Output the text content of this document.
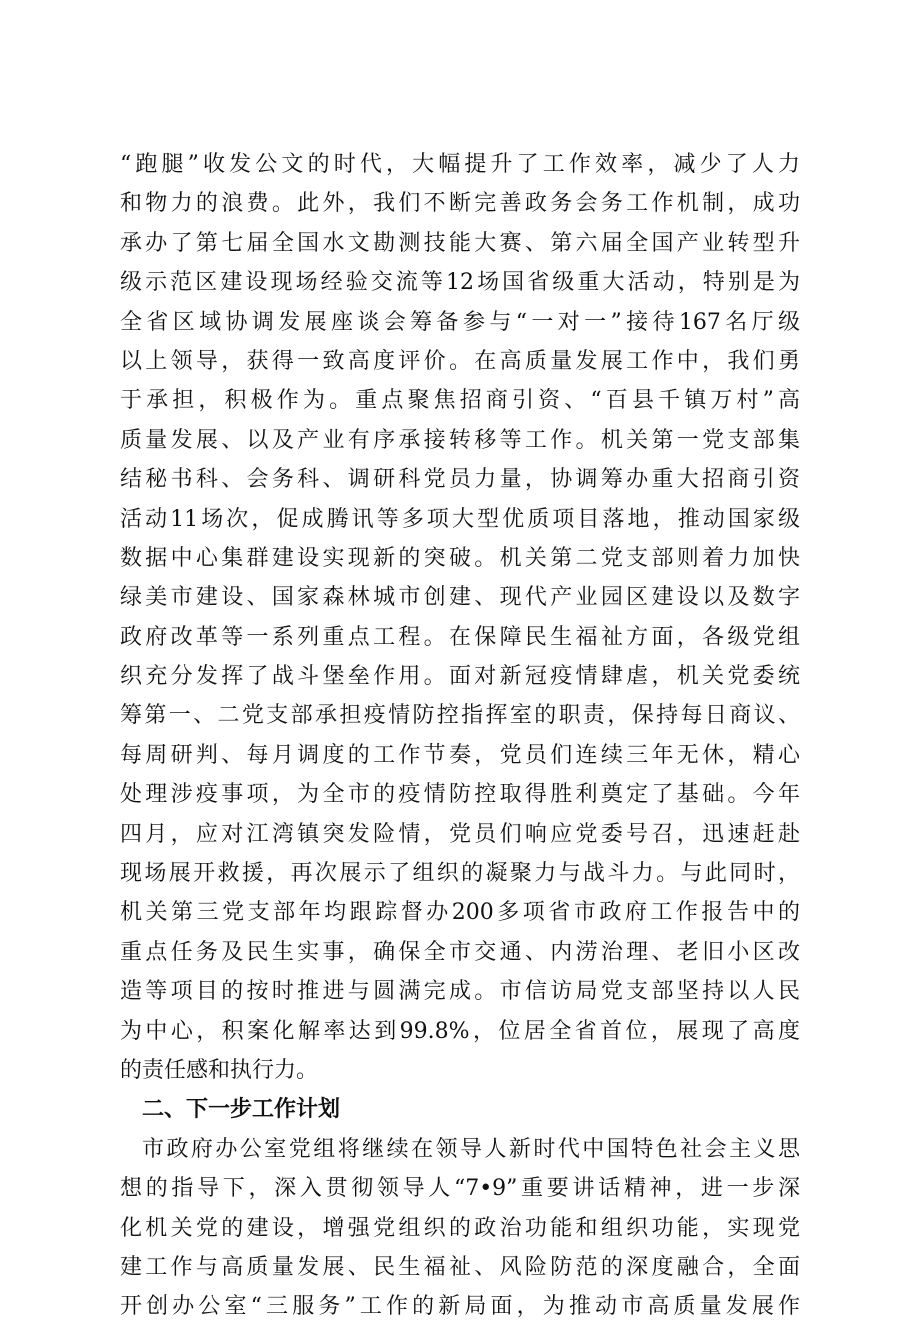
“跑腿”收发公文的时代，大幅提升了工作效率，减少了人力
和物力的浪费。此外，我们不断完善政务会务工作机制，成功
承办了第七届全国水文勘测技能大赛、第六届全国产业转型升
级示范区建设现场经验交流等12场国省级重大活动，特别是为
全省区域协调发展座谈会筹备参与“一对一”接待167名厅级
以上领导，获得一致高度评价。在高质量发展工作中，我们勇
于承担，积极作为。重点聚焦招商引资、“百县千镇万村”高
质量发展、以及产业有序承接转移等工作。机关第一党支部集
结秘书科、会务科、调研科党员力量，协调筹办重大招商引资
活动11场次，促成腾讯等多项大型优质项目落地，推动国家级
数据中心集群建设实现新的突破。机关第二党支部则着力加快
绿美市建设、国家森林城市创建、现代产业园区建设以及数字
政府改革等一系列重点工程。在保障民生福祉方面，各级党组
织充分发挥了战斗堡垒作用。面对新冠疫情肆虐，机关党委统
筹第一、二党支部承担疫情防控指挥室的职责，保持每日商议、
每周研判、每月调度的工作节奏，党员们连续三年无休，精心
处理涉疫事项，为全市的疫情防控取得胜利奠定了基础。今年
四月，应对江湾镇突发险情，党员们响应党委号召，迅速赶赴
现场展开救援，再次展示了组织的凝聚力与战斗力。与此同时，
机关第三党支部年均跟踪督办200多项省市政府工作报告中的
重点任务及民生实事，确保全市交通、内涝治理、老旧小区改
造等项目的按时推进与圆满完成。市信访局党支部坚持以人民
为中心，积案化解率达到99.8%，位居全省首位，展现了高度
的责任感和执行力。
二、下一步工作计划
市政府办公室党组将继续在领导人新时代中国特色社会主义思
想的指导下，深入贯彻领导人“7•9”重要讲话精神，进一步深
化机关党的建设，增强党组织的政治功能和组织功能，实现党
建工作与高质量发展、民生福祉、风险防范的深度融合，全面
开创办公室“三服务”工作的新局面，为推动市高质量发展作
